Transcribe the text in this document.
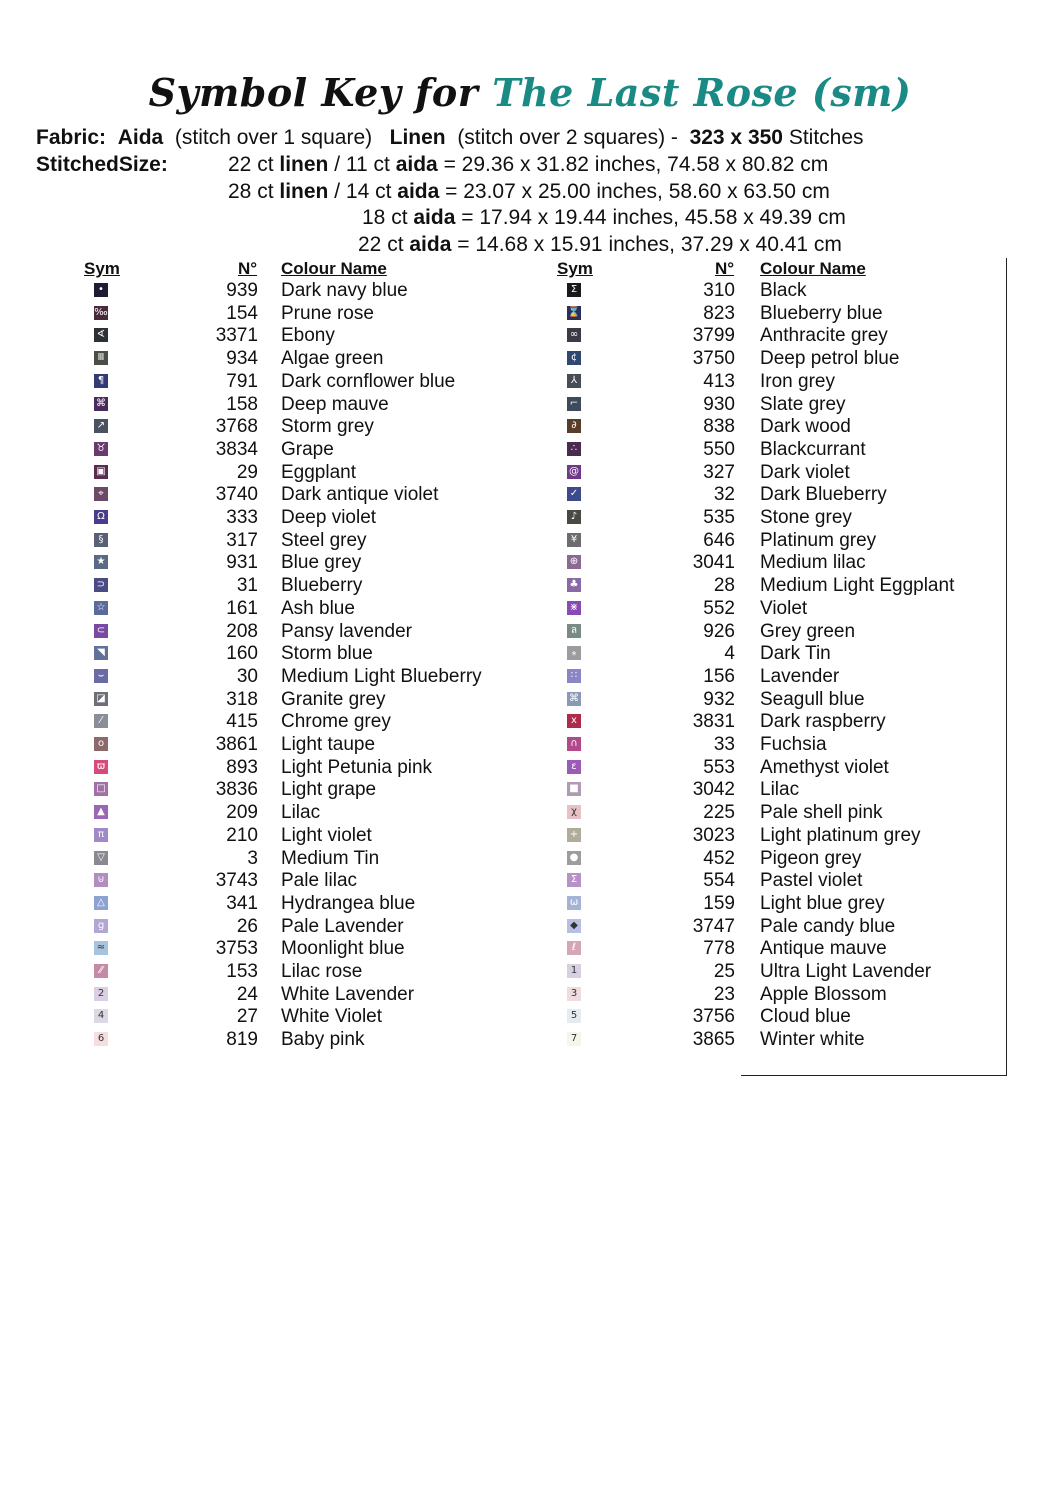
Symbol Key for The Last Rose (sm)
Fabric: Aida (stitch over 1 square) Linen (stitch over 2 squares) - 323 x 350 Stitches
StitchedSize:	22 ct linen / 11 ct aida = 29.36 x 31.82 inches, 74.58 x 80.82 cm
28 ct linen / 14 ct aida = 23.07 x 25.00 inches, 58.60 x 63.50 cm
18 ct aida = 17.94 x 19.44 inches, 45.58 x 49.39 cm
22 ct aida = 14.68 x 15.91 inches, 37.29 x 40.41 cm
Sym	N° Colour Name	Sym	N° Colour Name
•	939 Dark navy blue
‰	154 Prune rose
∢	3371 Ebony
Ⅲ	934 Algae green
¶	791 Dark cornflower blue
⌘	158 Deep mauve
↗	3768 Storm grey
♉	3834 Grape
▣	29 Eggplant
⌖	3740 Dark antique violet
Ω	333 Deep violet
§	317 Steel grey
★	931 Blue grey
⊃	31 Blueberry
☆	161 Ash blue
⊂	208 Pansy lavender
◥	160 Storm blue
⌣	30 Medium Light Blueberry
◪	318 Granite grey
⁄	415 Chrome grey
o	3861 Light taupe
ϖ	893 Light Petunia pink
□	3836 Light grape
▲	209 Lilac
π	210 Light violet
▽	3 Medium Tin
⊍	3743 Pale lilac
△	341 Hydrangea blue
g	26 Pale Lavender
≈	3753 Moonlight blue
⁄⁄	153 Lilac rose
2	24 White Lavender
4	27 White Violet
6	819 Baby pink
Σ	310 Black
⌛	823 Blueberry blue
∞	3799 Anthracite grey
¢	3750 Deep petrol blue
⅄	413 Iron grey
⌐	930 Slate grey
∂	838 Dark wood
∴	550 Blackcurrant
@	327 Dark violet
✓	32 Dark Blueberry
♪	535 Stone grey
¥	646 Platinum grey
⊕	3041 Medium lilac
♣	28 Medium Light Eggplant
⋇	552 Violet
ล	926 Grey green
⁎	4 Dark Tin
∷	156 Lavender
⌘	932 Seagull blue
x	3831 Dark raspberry
∩	33 Fuchsia
ε	553 Amethyst violet
■	3042 Lilac
χ	225 Pale shell pink
+	3023 Light platinum grey
●	452 Pigeon grey
Σ	554 Pastel violet
ω	159 Light blue grey
◆	3747 Pale candy blue
ℓ	778 Antique mauve
1	25 Ultra Light Lavender
3	23 Apple Blossom
5	3756 Cloud blue
7	3865 Winter white
